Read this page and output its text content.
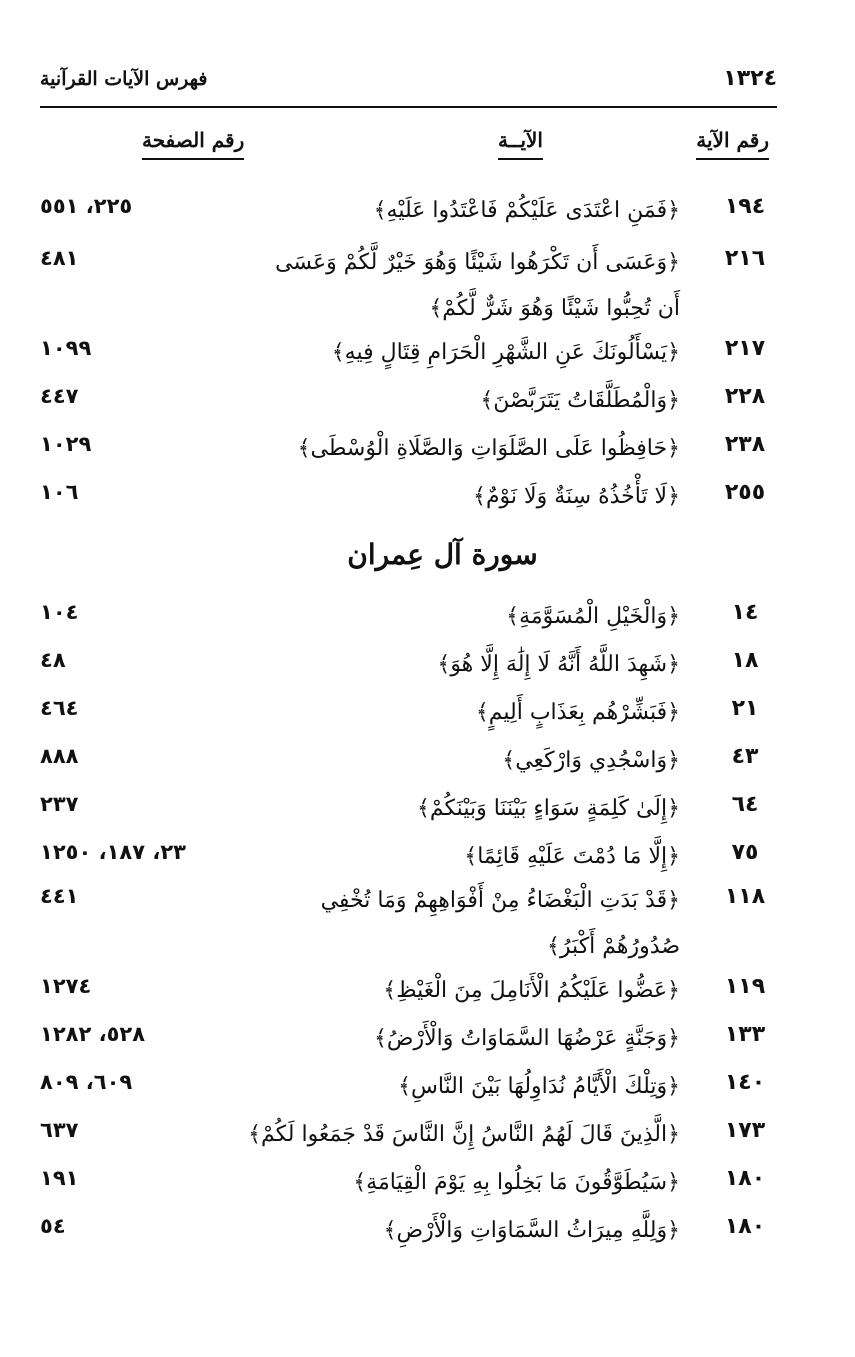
١٣٢٤
فهرس الآيات القرآنية
رقم الآية
الآيــة
رقم الصفحة
١٩٤
﴿فَمَنِ اعْتَدَى عَلَيْكُمْ فَاعْتَدُوا عَلَيْهِ﴾
٢٢٥، ٥٥١
٢١٦
﴿وَعَسَى أَن تَكْرَهُوا شَيْئًا وَهُوَ خَيْرٌ لَّكُمْ وَعَسَى أَن تُحِبُّوا شَيْئًا وَهُوَ شَرٌّ لَّكُمْ﴾
٤٨١
٢١٧
﴿يَسْأَلُونَكَ عَنِ الشَّهْرِ الْحَرَامِ قِتَالٍ فِيهِ﴾
١٠٩٩
٢٢٨
﴿وَالْمُطَلَّقَاتُ يَتَرَبَّصْنَ﴾
٤٤٧
٢٣٨
﴿حَافِظُوا عَلَى الصَّلَوَاتِ وَالصَّلَاةِ الْوُسْطَى﴾
١٠٢٩
٢٥٥
﴿لَا تَأْخُذُهُ سِنَةٌ وَلَا نَوْمٌ﴾
١٠٦
سورة آل عِمران
١٤
﴿وَالْخَيْلِ الْمُسَوَّمَةِ﴾
١٠٤
١٨
﴿شَهِدَ اللَّهُ أَنَّهُ لَا إِلَٰهَ إِلَّا هُوَ﴾
٤٨
٢١
﴿فَبَشِّرْهُم بِعَذَابٍ أَلِيمٍ﴾
٤٦٤
٤٣
﴿وَاسْجُدِي وَارْكَعِي﴾
٨٨٨
٦٤
﴿إِلَىٰ كَلِمَةٍ سَوَاءٍ بَيْنَنَا وَبَيْنَكُمْ﴾
٢٣٧
٧٥
﴿إِلَّا مَا دُمْتَ عَلَيْهِ قَائِمًا﴾
٢٣، ١٨٧، ١٢٥٠
١١٨
﴿قَدْ بَدَتِ الْبَغْضَاءُ مِنْ أَفْوَاهِهِمْ وَمَا تُخْفِي صُدُورُهُمْ أَكْبَرُ﴾
٤٤١
١١٩
﴿عَضُّوا عَلَيْكُمُ الْأَنَامِلَ مِنَ الْغَيْظِ﴾
١٢٧٤
١٣٣
﴿وَجَنَّةٍ عَرْضُهَا السَّمَاوَاتُ وَالْأَرْضُ﴾
٥٢٨، ١٢٨٢
١٤٠
﴿وَتِلْكَ الْأَيَّامُ نُدَاوِلُهَا بَيْنَ النَّاسِ﴾
٦٠٩، ٨٠٩
١٧٣
﴿الَّذِينَ قَالَ لَهُمُ النَّاسُ إِنَّ النَّاسَ قَدْ جَمَعُوا لَكُمْ﴾
٦٣٧
١٨٠
﴿سَيُطَوَّقُونَ مَا بَخِلُوا بِهِ يَوْمَ الْقِيَامَةِ﴾
١٩١
١٨٠
﴿وَلِلَّهِ مِيرَاثُ السَّمَاوَاتِ وَالْأَرْضِ﴾
٥٤
